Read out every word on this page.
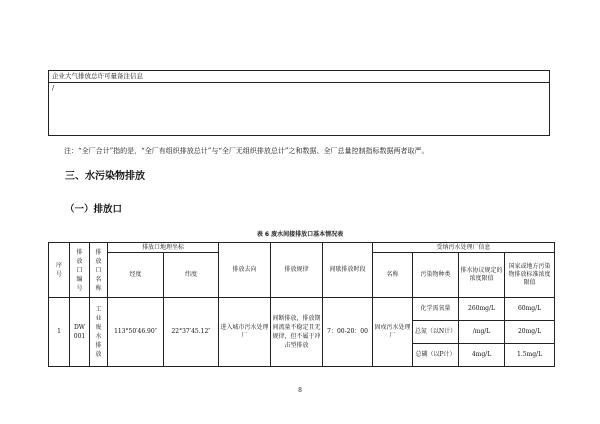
企业大气排放总许可量备注信息
/
注：“全厂合计”指的是，“全厂有组织排放总计”与“全厂无组织排放总计”之和数据、全厂总量控制指标数据两者取严。
三、水污染物排放
（一）排放口
表 6 废水间接排放口基本情况表
序号	排放口编号	排放口名称	排放口地理坐标		排放去向	排放规律	间歇排放时段	受纳污水处理厂信息			
			经度	纬度				名称	污染物种类	排水协议规定的浓度限值	国家或地方污染物排放标准浓度限值
1	DW001	工业废水排放	113°50′46.90″	22°37′45.12″	进入城市污水处理厂	间断排放，排放期间流量不稳定且无规律，但不属于冲击型排放	7：00-20：00	固戍污水处理厂	化学需氧量	260mg/L	60mg/L
									总氮（以N计）	/mg/L	20mg/L
									总磷（以P计）	4mg/L	1.5mg/L
8
